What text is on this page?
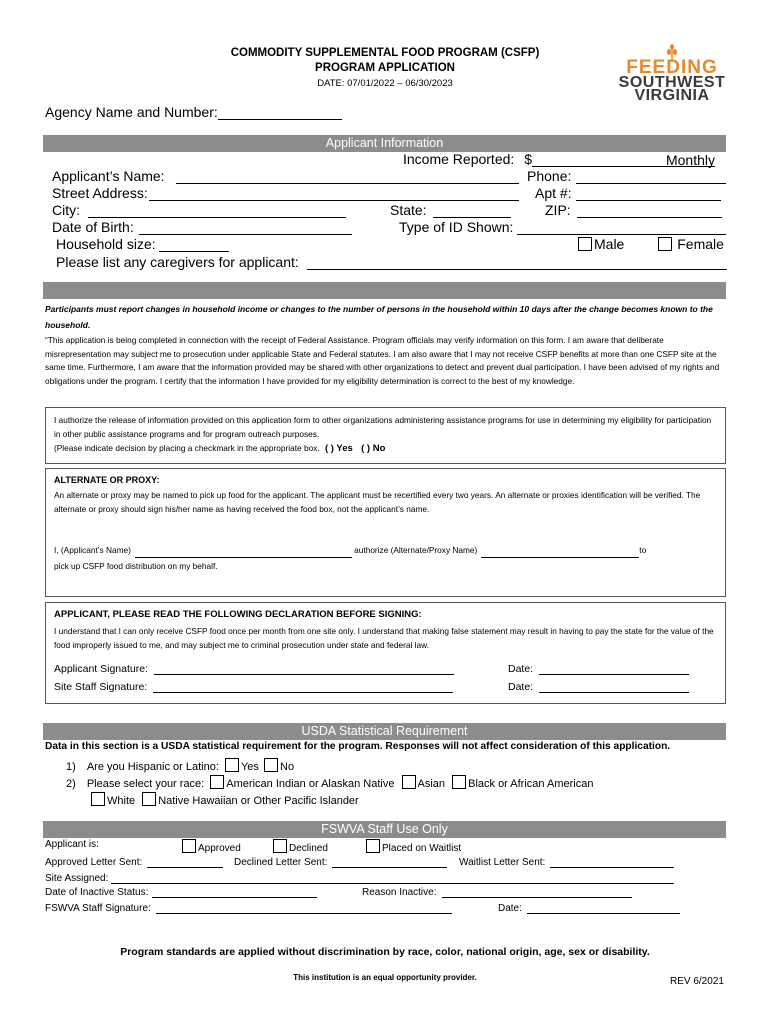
COMMODITY SUPPLEMENTAL FOOD PROGRAM (CSFP)
PROGRAM APPLICATION
DATE: 07/01/2022 – 06/30/2023
FEEDING
SOUTHWEST
VIRGINIA
Agency Name and Number:
Applicant Information
Income Reported: $	Monthly
Applicant’s Name:	Phone:
Street Address:	Apt #:
City:	State:	ZIP:
Date of Birth:	Type of ID Shown:
Household size:	Male	Female
Please list any caregivers for applicant:
Participants must report changes in household income or changes to the number of persons in the household within 10 days after the change becomes known to the household.
“This application is being completed in connection with the receipt of Federal Assistance. Program officials may verify information on this form. I am aware that deliberate misrepresentation may subject me to prosecution under applicable State and Federal statutes. I am also aware that I may not receive CSFP benefits at more than one CSFP site at the same time. Furthermore, I am aware that the information provided may be shared with other organizations to detect and prevent dual participation. I have been advised of my rights and obligations under the program. I certify that the information I have provided for my eligibility determination is correct to the best of my knowledge.
I authorize the release of information provided on this application form to other organizations administering assistance programs for use in determining my eligibility for participation in other public assistance programs and for program outreach purposes.
(Please indicate decision by placing a checkmark in the appropriate box. ( ) Yes ( ) No
ALTERNATE OR PROXY:
An alternate or proxy may be named to pick up food for the applicant. The applicant must be recertified every two years. An alternate or proxies identification will be verified. The alternate or proxy should sign his/her name as having received the food box, not the applicant’s name.
I, (Applicant’s Name)	authorize (Alternate/Proxy Name)	to
pick up CSFP food distribution on my behalf.
APPLICANT, PLEASE READ THE FOLLOWING DECLARATION BEFORE SIGNING:
I understand that I can only receive CSFP food once per month from one site only. I understand that making false statement may result in having to pay the state for the value of the food improperly issued to me, and may subject me to criminal prosecution under state and federal law.
Applicant Signature:	Date:
Site Staff Signature:	Date:
USDA Statistical Requirement
Data in this section is a USDA statistical requirement for the program. Responses will not affect consideration of this application.
1) Are you Hispanic or Latino: Yes No
2) Please select your race: American Indian or Alaskan Native Asian Black or African American
White Native Hawaiian or Other Pacific Islander
FSWVA Staff Use Only
Applicant is:	Approved	Declined	Placed on Waitlist
Approved Letter Sent:	Declined Letter Sent:	Waitlist Letter Sent:
Site Assigned:
Date of Inactive Status:	Reason Inactive:
FSWVA Staff Signature:	Date:
Program standards are applied without discrimination by race, color, national origin, age, sex or disability.
This institution is an equal opportunity provider.	REV 6/2021
